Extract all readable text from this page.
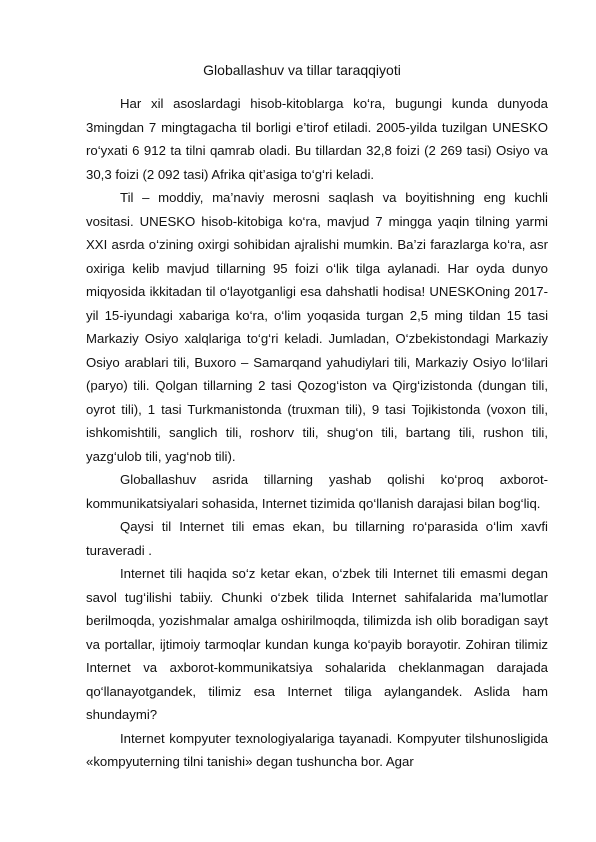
Globallashuv va tillar taraqqiyoti

Har xil asoslardagi hisob-kitoblarga ko‘ra, bugungi kunda dunyoda 3mingdan 7 mingtagacha til borligi e’tirof etiladi. 2005-yilda tuzilgan UNESKO ro‘yxati 6 912 ta tilni qamrab oladi. Bu tillardan 32,8 foizi (2 269 tasi) Osiyo va 30,3 foizi (2 092 tasi) Afrika qit’asiga to‘g‘ri keladi.

Til – moddiy, ma’naviy merosni saqlash va boyitishning eng kuchli vositasi. UNESKO hisob-kitobiga ko‘ra, mavjud 7 mingga yaqin tilning yarmi XXI asrda o‘zining oxirgi sohibidan ajralishi mumkin. Ba’zi farazlarga ko‘ra, asr oxiriga kelib mavjud tillarning 95 foizi o‘lik tilga aylanadi. Har oyda dunyo miqyosida ikkitadan til o‘layotganligi esa dahshatli hodisa! UNESKOning 2017-yil 15-iyundagi xabariga ko‘ra, o‘lim yoqasida turgan 2,5 ming tildan 15 tasi Markaziy Osiyo xalqlariga to‘g‘ri keladi. Jumladan, O‘zbekistondagi Markaziy Osiyo arablari tili, Buxoro – Samarqand yahudiylari tili, Markaziy Osiyo lo‘lilari (paryo) tili. Qolgan tillarning 2 tasi Qozog‘iston va Qirg‘izistonda (dungan tili, oyrot tili), 1 tasi Turkmanistonda (truxman tili), 9 tasi Tojikistonda (voxon tili, ishkomishtili, sanglich tili, roshorv tili, shug‘on tili, bartang tili, rushon tili, yazg‘ulob tili, yag‘nob tili).

Globallashuv asrida tillarning yashab qolishi ko‘proq axborot-kommunikatsiyalari sohasida, Internet tizimida qo‘llanish darajasi bilan bog‘liq.

Qaysi til Internet tili emas ekan, bu tillarning ro‘parasida o‘lim xavfi turaveradi .

Internet tili haqida so‘z ketar ekan, o‘zbek tili Internet tili emasmi degan savol tug‘ilishi tabiiy. Chunki o‘zbek tilida Internet sahifalarida ma’lumotlar berilmoqda, yozishmalar amalga oshirilmoqda, tilimizda ish olib boradigan sayt va portallar, ijtimoiy tarmoqlar kundan kunga ko‘payib borayotir. Zohiran tilimiz Internet va axborot-kommunikatsiya sohalarida cheklanmagan darajada qo‘llanayotgandek, tilimiz esa Internet tiliga aylangandek. Aslida ham shundaymi?

Internet kompyuter texnologiyalariga tayanadi. Kompyuter tilshunosligida «kompyuterning tilni tanishi» degan tushuncha bor. Agar
